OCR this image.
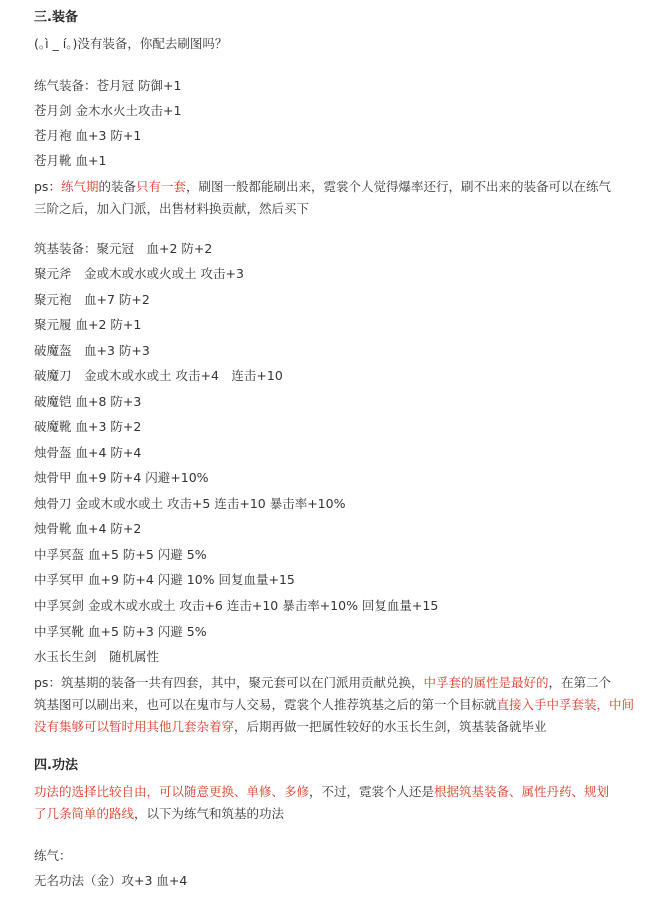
三.装备
(｡ì _ í｡)没有装备，你配去刷图吗？
练气装备：苍月冠 防御+1
苍月剑 金木水火土攻击+1
苍月袍 血+3 防+1
苍月靴 血+1
ps：练气期的装备只有一套，刷图一般都能刷出来，霓裳个人觉得爆率还行，刷不出来的装备可以在练气
三阶之后，加入门派，出售材料换贡献，然后买下
筑基装备：聚元冠　血+2 防+2
聚元斧　金或木或水或火或土 攻击+3
聚元袍　血+7 防+2
聚元履 血+2 防+1
破魔盔　血+3 防+3
破魔刀　金或木或水或土 攻击+4　连击+10
破魔铠 血+8 防+3
破魔靴 血+3 防+2
烛骨盔 血+4 防+4
烛骨甲 血+9 防+4 闪避+10%
烛骨刀 金或木或水或土 攻击+5 连击+10 暴击率+10%
烛骨靴 血+4 防+2
中孚冥盔 血+5 防+5 闪避 5%
中孚冥甲 血+9 防+4 闪避 10% 回复血量+15
中孚冥剑 金或木或水或土 攻击+6 连击+10 暴击率+10% 回复血量+15
中孚冥靴 血+5 防+3 闪避 5%
水玉长生剑　随机属性
ps：筑基期的装备一共有四套，其中，聚元套可以在门派用贡献兑换，中孚套的属性是最好的，在第二个
筑基图可以刷出来，也可以在鬼市与人交易，霓裳个人推荐筑基之后的第一个目标就直接入手中孚套装，中间
没有集够可以暂时用其他几套杂着穿，后期再做一把属性较好的水玉长生剑，筑基装备就毕业
四.功法
功法的选择比较自由，可以随意更换、单修、多修，不过，霓裳个人还是根据筑基装备、属性丹药、规划
了几条简单的路线，以下为练气和筑基的功法
练气：
无名功法（金）攻+3 血+4
